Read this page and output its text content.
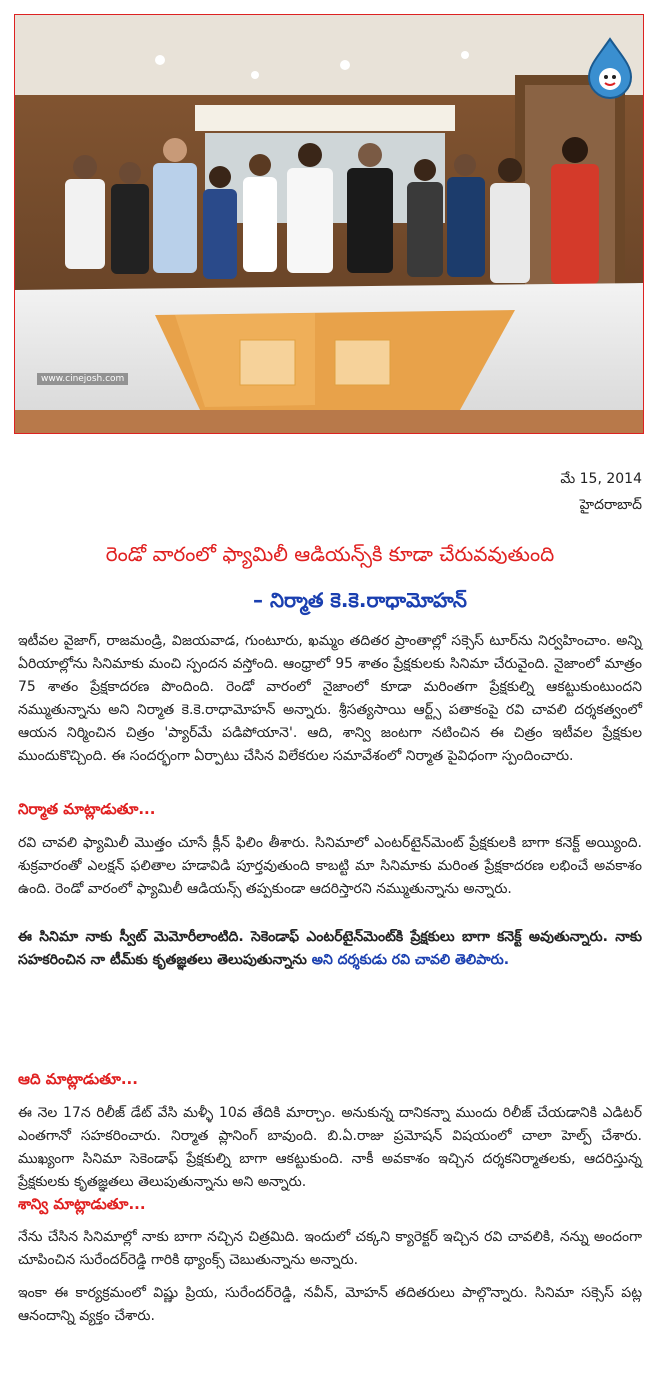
www.cinejosh.com
మే 15, 2014
హైదరాబాద్
రెండో వారంలో ఫ్యామిలీ ఆడియన్స్‌కి కూడా చేరువవుతుంది
– నిర్మాత కె.కె.రాధామోహన్
ఇటీవల వైజాగ్, రాజమండ్రి, విజయవాడ, గుంటూరు, ఖమ్మం తదితర ప్రాంతాల్లో సక్సెస్ టూర్‌ను నిర్వహించాం. అన్ని ఏరియాల్లోను సినిమాకు మంచి స్పందన వస్తోంది. ఆంధ్రాలో 95 శాతం ప్రేక్షకులకు సినిమా చేరువైంది. నైజాంలో మాత్రం 75 శాతం ప్రేక్షకాదరణ పొందింది. రెండో వారంలో నైజాంలో కూడా మరింతగా ప్రేక్షకుల్ని ఆకట్టుకుంటుందని నమ్ముతున్నాను అని నిర్మాత కె.కె.రాధామోహన్ అన్నారు. శ్రీసత్యసాయి ఆర్ట్స్ పతాకంపై రవి చావలి దర్శకత్వంలో ఆయన నిర్మించిన చిత్రం 'ప్యార్‌మే పడిపోయానె'. ఆది, శాన్వి జంటగా నటించిన ఈ చిత్రం ఇటీవల ప్రేక్షకుల ముందుకొచ్చింది. ఈ సందర్భంగా ఏర్పాటు చేసిన విలేకరుల సమావేశంలో నిర్మాత పైవిధంగా స్పందించారు.
నిర్మాత మాట్లాడుతూ...
రవి చావలి ఫ్యామిలీ మొత్తం చూసే క్లీన్ ఫిలిం తీశారు. సినిమాలో ఎంటర్‌టైన్‌మెంట్ ప్రేక్షకులకి బాగా కనెక్ట్ అయ్యింది. శుక్రవారంతో ఎలక్షన్ ఫలితాల హడావిడి పూర్తవుతుంది కాబట్టి మా సినిమాకు మరింత ప్రేక్షకాదరణ లభించే అవకాశం ఉంది. రెండో వారంలో ఫ్యామిలీ ఆడియన్స్ తప్పకుండా ఆదరిస్తారని నమ్ముతున్నాను అన్నారు.
ఈ సినిమా నాకు స్వీట్ మెమోరీలాంటిది. సెకెండాఫ్ ఎంటర్‌టైన్‌మెంట్‌కి ప్రేక్షకులు బాగా కనెక్ట్ అవుతున్నారు. నాకు సహకరించిన నా టీమ్‌కు కృతజ్ఞతలు తెలుపుతున్నాను అని దర్శకుడు రవి చావలి తెలిపారు.
ఆది మాట్లాడుతూ...
ఈ నెల 17న రిలీజ్ డేట్ వేసి మళ్ళీ 10వ తేదికి మార్చాం. అనుకున్న దానికన్నా ముందు రిలీజ్ చేయడానికి ఎడిటర్ ఎంతగానో సహకరించారు. నిర్మాత ప్లానింగ్ బావుంది. బి.ఏ.రాజు ప్రమోషన్ విషయంలో చాలా హెల్ప్ చేశారు. ముఖ్యంగా సినిమా సెకెండాఫ్ ప్రేక్షకుల్ని బాగా ఆకట్టుకుంది. నాకీ అవకాశం ఇచ్చిన దర్శకనిర్మాతలకు, ఆదరిస్తున్న ప్రేక్షకులకు కృతజ్ఞతలు తెలుపుతున్నాను అని అన్నారు.
శాన్వి మాట్లాడుతూ...
నేను చేసిన సినిమాల్లో నాకు బాగా నచ్చిన చిత్రమిది. ఇందులో చక్కని క్యారెక్టర్ ఇచ్చిన రవి చావలికి, నన్ను అందంగా చూపించిన సురేందర్‌రెడ్డి గారికి థ్యాంక్స్ చెబుతున్నాను అన్నారు.
ఇంకా ఈ కార్యక్రమంలో విష్ణు ప్రియ, సురేందర్‌రెడ్డి, నవీన్, మోహన్ తదితరులు పాల్గొన్నారు. సినిమా సక్సెస్ పట్ల ఆనందాన్ని వ్యక్తం చేశారు.
